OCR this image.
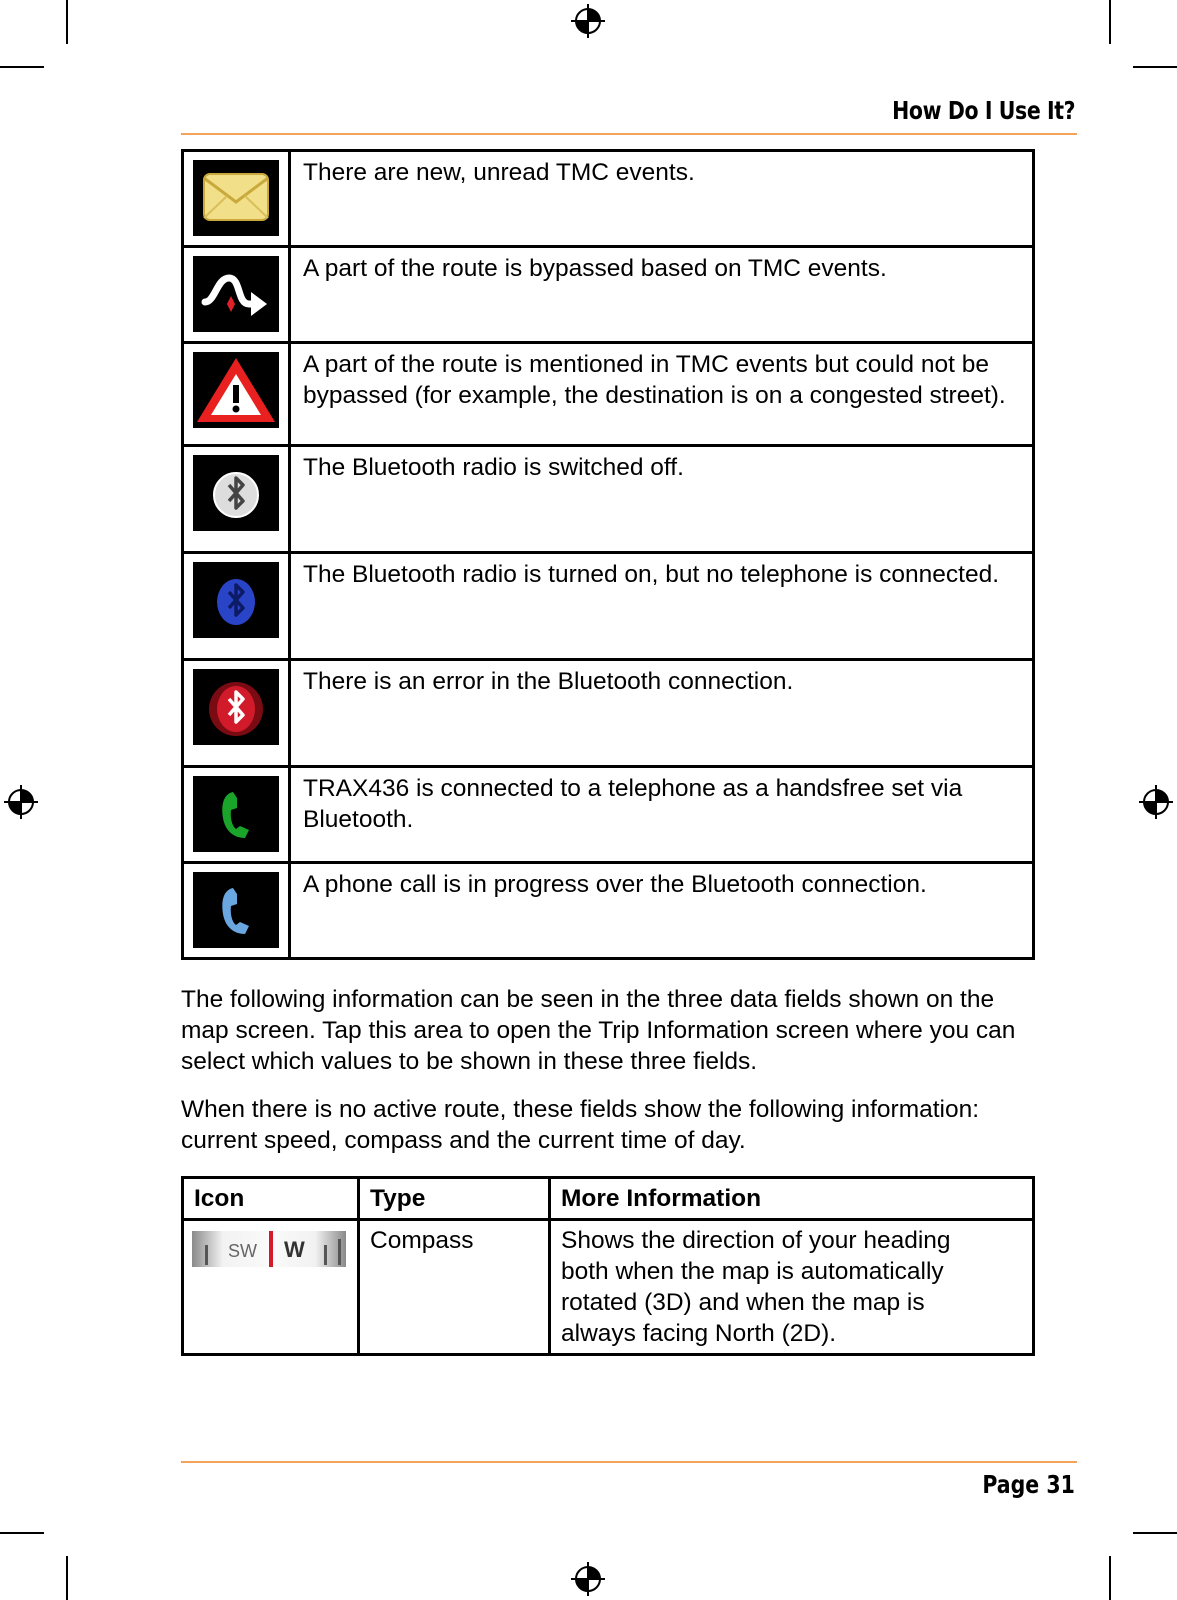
How Do I Use It?
	There are new, unread TMC events.

	A part of the route is bypassed based on TMC events.

	A part of the route is mentioned in TMC events but could not be bypassed (for example, the destination is on a congested street).

	The Bluetooth radio is switched off.

	The Bluetooth radio is turned on, but no telephone is connected.

	There is an error in the Bluetooth connection.

	TRAX436 is connected to a telephone as a handsfree set via Bluetooth.

	A phone call is in progress over the Bluetooth connection.
The following information can be seen in the three data fields shown on the map screen. Tap this area to open the Trip Information screen where you can select which values to be shown in these three fields.
When there is no active route, these fields show the following information: current speed, compass and the current time of day.
Icon	Type	More Information

SW W	Compass	Shows the direction of your heading both when the map is automatically rotated (3D) and when the map is always facing North (2D).
Page 31
